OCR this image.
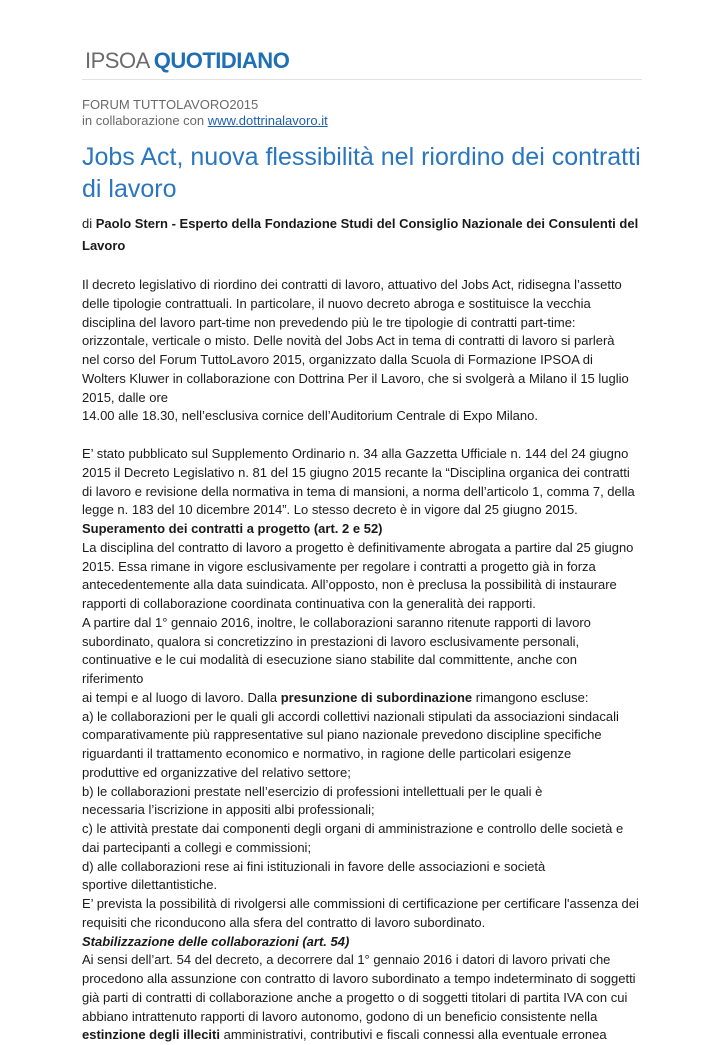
IPSOA QUOTIDIANO
FORUM TUTTOLAVORO2015
in collaborazione con www.dottrinalavoro.it
Jobs Act, nuova flessibilità nel riordino dei contratti di lavoro
di Paolo Stern - Esperto della Fondazione Studi del Consiglio Nazionale dei Consulenti del Lavoro

Il decreto legislativo di riordino dei contratti di lavoro, attuativo del Jobs Act, ridisegna l’assetto

delle tipologie contrattuali. In particolare, il nuovo decreto abroga e sostituisce la vecchia

disciplina del lavoro part-time non prevedendo più le tre tipologie di contratti part-time:

orizzontale, verticale o misto. Delle novità del Jobs Act in tema di contratti di lavoro si parlerà

nel corso del Forum TuttoLavoro 2015, organizzato dalla Scuola di Formazione IPSOA di

Wolters Kluwer in collaborazione con Dottrina Per il Lavoro, che si svolgerà a Milano il 15 luglio

2015, dalle ore

14.00 alle 18.30, nell’esclusiva cornice dell’Auditorium Centrale di Expo Milano.

E’ stato pubblicato sul Supplemento Ordinario n. 34 alla Gazzetta Ufficiale n. 144 del 24 giugno

2015 il Decreto Legislativo n. 81 del 15 giugno 2015 recante la “Disciplina organica dei contratti

di lavoro e revisione della normativa in tema di mansioni, a norma dell’articolo 1, comma 7, della

legge n. 183 del 10 dicembre 2014”. Lo stesso decreto è in vigore dal 25 giugno 2015.

Superamento dei contratti a progetto (art. 2 e 52)

La disciplina del contratto di lavoro a progetto è definitivamente abrogata a partire dal 25 giugno

2015. Essa rimane in vigore esclusivamente per regolare i contratti a progetto già in forza

antecedentemente alla data suindicata. All’opposto, non è preclusa la possibilità di instaurare

rapporti di collaborazione coordinata continuativa con la generalità dei rapporti.

A partire dal 1° gennaio 2016, inoltre, le collaborazioni saranno ritenute rapporti di lavoro

subordinato, qualora si concretizzino in prestazioni di lavoro esclusivamente personali,

continuative e le cui modalità di esecuzione siano stabilite dal committente, anche con riferimento

ai tempi e al luogo di lavoro. Dalla presunzione di subordinazione rimangono escluse:

a) le collaborazioni per le quali gli accordi collettivi nazionali stipulati da associazioni sindacali

comparativamente più rappresentative sul piano nazionale prevedono discipline specifiche

riguardanti il trattamento economico e normativo, in ragione delle particolari esigenze

produttive ed organizzative del relativo settore;

b) le collaborazioni prestate nell’esercizio di professioni intellettuali per le quali è

necessaria l’iscrizione in appositi albi professionali;

c) le attività prestate dai componenti degli organi di amministrazione e controllo delle società e

dai partecipanti a collegi e commissioni;

d) alle collaborazioni rese ai fini istituzionali in favore delle associazioni e società

sportive dilettantistiche.

E’ prevista la possibilità di rivolgersi alle commissioni di certificazione per certificare l'assenza dei

requisiti che riconducono alla sfera del contratto di lavoro subordinato.

Stabilizzazione delle collaborazioni (art. 54)

Ai sensi dell’art. 54 del decreto, a decorrere dal 1° gennaio 2016 i datori di lavoro privati che

procedono alla assunzione con contratto di lavoro subordinato a tempo indeterminato di soggetti

già parti di contratti di collaborazione anche a progetto o di soggetti titolari di partita IVA con cui

abbiano intrattenuto rapporti di lavoro autonomo, godono di un beneficio consistente nella

estinzione degli illeciti amministrativi, contributivi e fiscali connessi alla eventuale erronea
